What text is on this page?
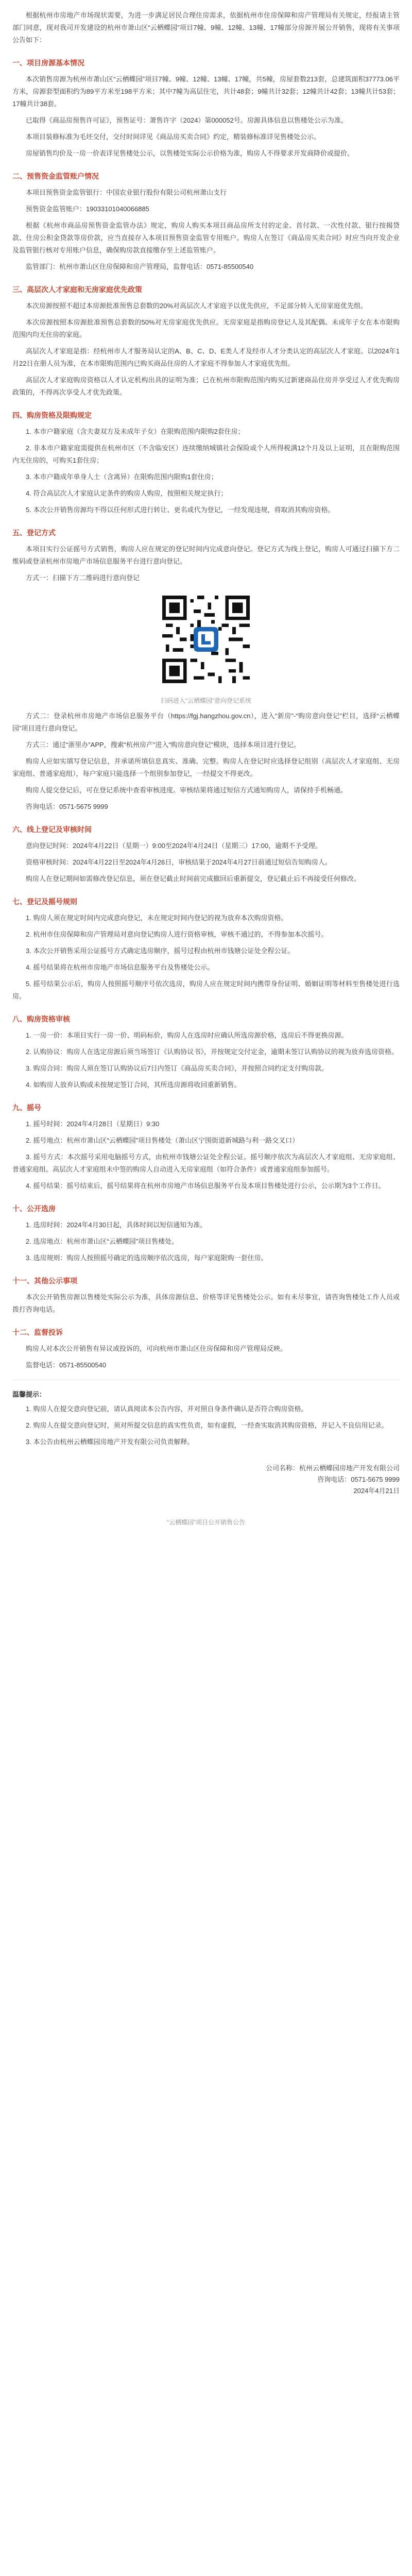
根据杭州市房地产市场现状需要，为进一步满足居民合理住房需求，依据杭州市住房保障和房产管理局有关规定，经报请主管部门同意，现对我司开发建设的杭州市萧山区“云栖蝶园”项目7幢、9幢、12幢、13幢、17幢部分房源开展公开销售，现将有关事项公告如下：

一、项目房源基本情况

本次销售房源为杭州市萧山区“云栖蝶园”项目7幢、9幢、12幢、13幢、17幢，共5幢，房屋套数213套，总建筑面积37773.06平方米，房源套型面积约为89平方米至198平方米；其中7幢为高层住宅，共计48套；9幢共计32套；12幢共计42套；13幢共计53套；17幢共计38套。

已取得《商品房预售许可证》，预售证号：萧售许字（2024）第000052号。房源具体信息以售楼处公示为准。

本项目装修标准为毛坯交付，交付时间详见《商品房买卖合同》约定，精装修标准详见售楼处公示。

房屋销售均价及一房一价表详见售楼处公示，以售楼处实际公示价格为准，购房人不得要求开发商降价或提价。

二、预售资金监管账户情况

本项目预售资金监管银行：中国农业银行股份有限公司杭州萧山支行

预售资金监管账户：19033101040066885

根据《杭州市商品房预售资金监管办法》规定，购房人购买本项目商品房所支付的定金、首付款、一次性付款、银行按揭贷款、住房公积金贷款等房价款，应当直接存入本项目预售资金监管专用账户。购房人在签订《商品房买卖合同》时应当向开发企业及监管银行核对专用账户信息，确保购房款直接缴存至上述监管账户。

监管部门：杭州市萧山区住房保障和房产管理局，监督电话：0571-85500540

三、高层次人才家庭和无房家庭优先政策

本次房源按照不超过本房源批准预售总套数的20%对高层次人才家庭予以优先供应，不足部分转入无房家庭优先组。

本次房源按照本房源批准预售总套数的50%对无房家庭优先供应。无房家庭是指购房登记人及其配偶、未成年子女在本市限购范围内均无住房的家庭。

高层次人才家庭是指：经杭州市人才服务局认定的A、B、C、D、E类人才及经市人才分类认定的高层次人才家庭。以2024年1月22日在册人员为准，在本市限购范围内已购买商品住房的人才家庭不得参加人才家庭优先组。

高层次人才家庭购房资格以人才认定机构出具的证明为准；已在杭州市限购范围内购买过新建商品住房并享受过人才优先购房政策的，不得再次享受人才优先政策。

四、购房资格及限购规定

1. 本市户籍家庭（含夫妻双方及未成年子女）在限购范围内限购2套住房；

2. 非本市户籍家庭需提供在杭州市区（不含临安区）连续缴纳城镇社会保险或个人所得税满12个月及以上证明，且在限购范围内无住房的，可购买1套住房；

3. 本市户籍成年单身人士（含离异）在限购范围内限购1套住房；

4. 符合高层次人才家庭认定条件的购房人购房，按照相关规定执行；

5. 本次公开销售房源均不得以任何形式进行转让、更名或代为登记，一经发现违规，将取消其购房资格。

五、登记方式

本项目实行公证摇号方式销售，购房人应在规定的登记时间内完成意向登记。登记方式为线上登记，购房人可通过扫描下方二维码或登录杭州市房地产市场信息服务平台进行意向登记。

方式一：扫描下方二维码进行意向登记

扫码进入“云栖蝶园”意向登记系统

方式二：登录杭州市房地产市场信息服务平台（https://fgj.hangzhou.gov.cn），进入“新房”-“购房意向登记”栏目，选择“云栖蝶园”项目进行意向登记。

方式三：通过“浙里办”APP，搜索“杭州房产”进入“购房意向登记”模块，选择本项目进行登记。

购房人应如实填写登记信息，并承诺所填信息真实、准确、完整。购房人在登记时应选择登记组别（高层次人才家庭组、无房家庭组、普通家庭组），每户家庭只能选择一个组别参加登记，一经提交不得更改。

购房人提交登记后，可在登记系统中查看审核进度。审核结果将通过短信方式通知购房人，请保持手机畅通。

咨询电话：0571-5675 9999

六、线上登记及审核时间

意向登记时间：2024年4月22日（星期一）9:00至2024年4月24日（星期三）17:00，逾期不予受理。

资格审核时间：2024年4月22日至2024年4月26日，审核结果于2024年4月27日前通过短信告知购房人。

购房人在登记期间如需修改登记信息，须在登记截止时间前完成撤回后重新提交，登记截止后不再接受任何修改。

七、登记及摇号规则

1. 购房人须在规定时间内完成意向登记，未在规定时间内登记的视为放弃本次购房资格。

2. 杭州市住房保障和房产管理局对意向登记购房人进行资格审核，审核不通过的，不得参加本次摇号。

3. 本次公开销售采用公证摇号方式确定选房顺序，摇号过程由杭州市钱塘公证处全程公证。

4. 摇号结果将在杭州市房地产市场信息服务平台及售楼处公示。

5. 摇号结果公示后，购房人按照摇号顺序号依次选房，购房人应在规定时间内携带身份证明、婚姻证明等材料至售楼处进行选房。

八、购房资格审核

1. 一房一价：本项目实行一房一价、明码标价，购房人在选房时应确认所选房源价格，选房后不得更换房源。

2. 认购协议：购房人在选定房源后须当场签订《认购协议书》，并按规定交付定金，逾期未签订认购协议的视为放弃选房资格。

3. 购房合同：购房人须在签订认购协议后7日内签订《商品房买卖合同》，并按照合同约定支付购房款。

4. 如购房人放弃认购或未按规定签订合同，其所选房源将收回重新销售。

九、摇号

1. 摇号时间：2024年4月28日（星期日）9:30

2. 摇号地点：杭州市萧山区“云栖蝶园”项目售楼处（萧山区宁围街道新城路与利一路交叉口）

3. 摇号方式：本次摇号采用电脑摇号方式，由杭州市钱塘公证处全程公证。摇号顺序依次为高层次人才家庭组、无房家庭组、普通家庭组。高层次人才家庭组未中签的购房人自动进入无房家庭组（如符合条件）或普通家庭组参加摇号。

4. 摇号结果：摇号结束后，摇号结果将在杭州市房地产市场信息服务平台及本项目售楼处进行公示，公示期为3个工作日。

十、公开选房

1. 选房时间：2024年4月30日起，具体时间以短信通知为准。

2. 选房地点：杭州市萧山区“云栖蝶园”项目售楼处。

3. 选房规则：购房人按照摇号确定的选房顺序依次选房，每户家庭限购一套住房。

十一、其他公示事项

本次公开销售房源以售楼处实际公示为准，具体房源信息、价格等详见售楼处公示。如有未尽事宜，请咨询售楼处工作人员或拨打咨询电话。

十二、监督投诉

购房人对本次公开销售有异议或投诉的，可向杭州市萧山区住房保障和房产管理局反映。

监督电话：0571-85500540

温馨提示：

1. 购房人在提交意向登记前，请认真阅读本公告内容，并对照自身条件确认是否符合购房资格。

2. 购房人在提交意向登记时，须对所提交信息的真实性负责，如有虚假，一经查实取消其购房资格，并记入不良信用记录。

3. 本公告由杭州云栖蝶园房地产开发有限公司负责解释。

公司名称：杭州云栖蝶园房地产开发有限公司

咨询电话：0571-5675 9999

2024年4月21日

“云栖蝶园”项目公开销售公告
